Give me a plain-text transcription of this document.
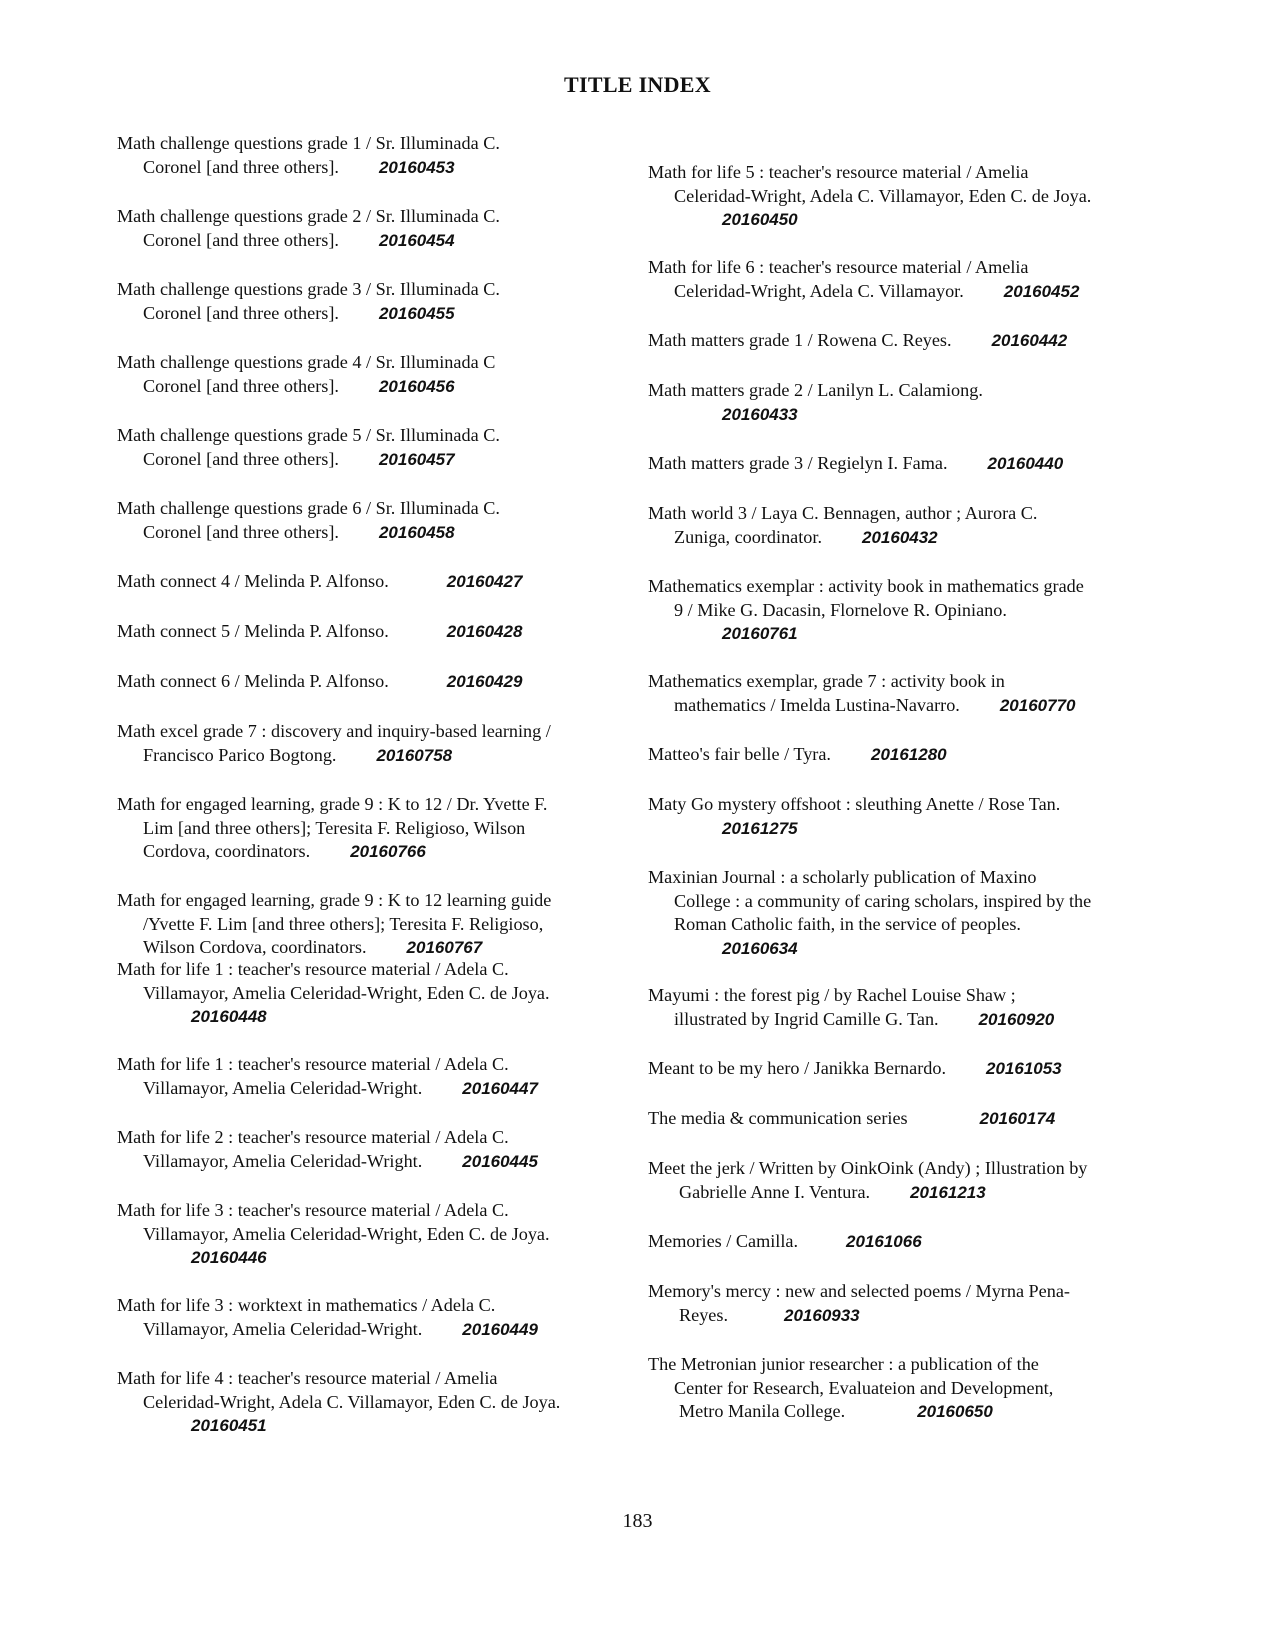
TITLE INDEX
Math challenge questions grade 1 / Sr. Illuminada C.
Coronel [and three others]. 20160453
Math challenge questions grade 2 / Sr. Illuminada C.
Coronel [and three others]. 20160454
Math challenge questions grade 3 / Sr. Illuminada C.
Coronel [and three others]. 20160455
Math challenge questions grade 4 / Sr. Illuminada C
Coronel [and three others]. 20160456
Math challenge questions grade 5 / Sr. Illuminada C.
Coronel [and three others]. 20160457
Math challenge questions grade 6 / Sr. Illuminada C.
Coronel [and three others]. 20160458
Math connect 4 / Melinda P. Alfonso.	20160427
Math connect 5 / Melinda P. Alfonso.	20160428
Math connect 6 / Melinda P. Alfonso.	20160429
Math excel grade 7 : discovery and inquiry-based learning /
Francisco Parico Bogtong. 20160758
Math for engaged learning, grade 9 : K to 12 / Dr. Yvette F.
Lim [and three others]; Teresita F. Religioso, Wilson
Cordova, coordinators. 20160766
Math for engaged learning, grade 9 : K to 12 learning guide
/Yvette F. Lim [and three others]; Teresita F. Religioso,
Wilson Cordova, coordinators. 20160767
Math for life 1 : teacher's resource material / Adela C.
Villamayor, Amelia Celeridad-Wright, Eden C. de Joya.
20160448
Math for life 1 : teacher's resource material / Adela C.
Villamayor, Amelia Celeridad-Wright. 20160447
Math for life 2 : teacher's resource material / Adela C.
Villamayor, Amelia Celeridad-Wright. 20160445
Math for life 3 : teacher's resource material / Adela C.
Villamayor, Amelia Celeridad-Wright, Eden C. de Joya.
20160446
Math for life 3 : worktext in mathematics / Adela C.
Villamayor, Amelia Celeridad-Wright. 20160449
Math for life 4 : teacher's resource material / Amelia
Celeridad-Wright, Adela C. Villamayor, Eden C. de Joya.
20160451
Math for life 5 : teacher's resource material / Amelia
Celeridad-Wright, Adela C. Villamayor, Eden C. de Joya.
20160450
Math for life 6 : teacher's resource material / Amelia
Celeridad-Wright, Adela C. Villamayor. 20160452
Math matters grade 1 / Rowena C. Reyes. 20160442
Math matters grade 2 / Lanilyn L. Calamiong.
20160433
Math matters grade 3 / Regielyn I. Fama. 20160440
Math world 3 / Laya C. Bennagen, author ; Aurora C.
Zuniga, coordinator. 20160432
Mathematics exemplar : activity book in mathematics grade
9 / Mike G. Dacasin, Flornelove R. Opiniano.
20160761
Mathematics exemplar, grade 7 : activity book in
mathematics / Imelda Lustina-Navarro. 20160770
Matteo's fair belle / Tyra. 20161280
Maty Go mystery offshoot : sleuthing Anette / Rose Tan.
20161275
Maxinian Journal : a scholarly publication of Maxino
College : a community of caring scholars, inspired by the
Roman Catholic faith, in the service of peoples.
20160634
Mayumi : the forest pig / by Rachel Louise Shaw ;
illustrated by Ingrid Camille G. Tan. 20160920
Meant to be my hero / Janikka Bernardo. 20161053
The media & communication series	20160174
Meet the jerk / Written by OinkOink (Andy) ; Illustration by
Gabrielle Anne I. Ventura. 20161213
Memories / Camilla.	20161066
Memory's mercy : new and selected poems / Myrna Pena-
Reyes.	20160933
The Metronian junior researcher : a publication of the
Center for Research, Evaluateion and Development,
Metro Manila College.	20160650
183
